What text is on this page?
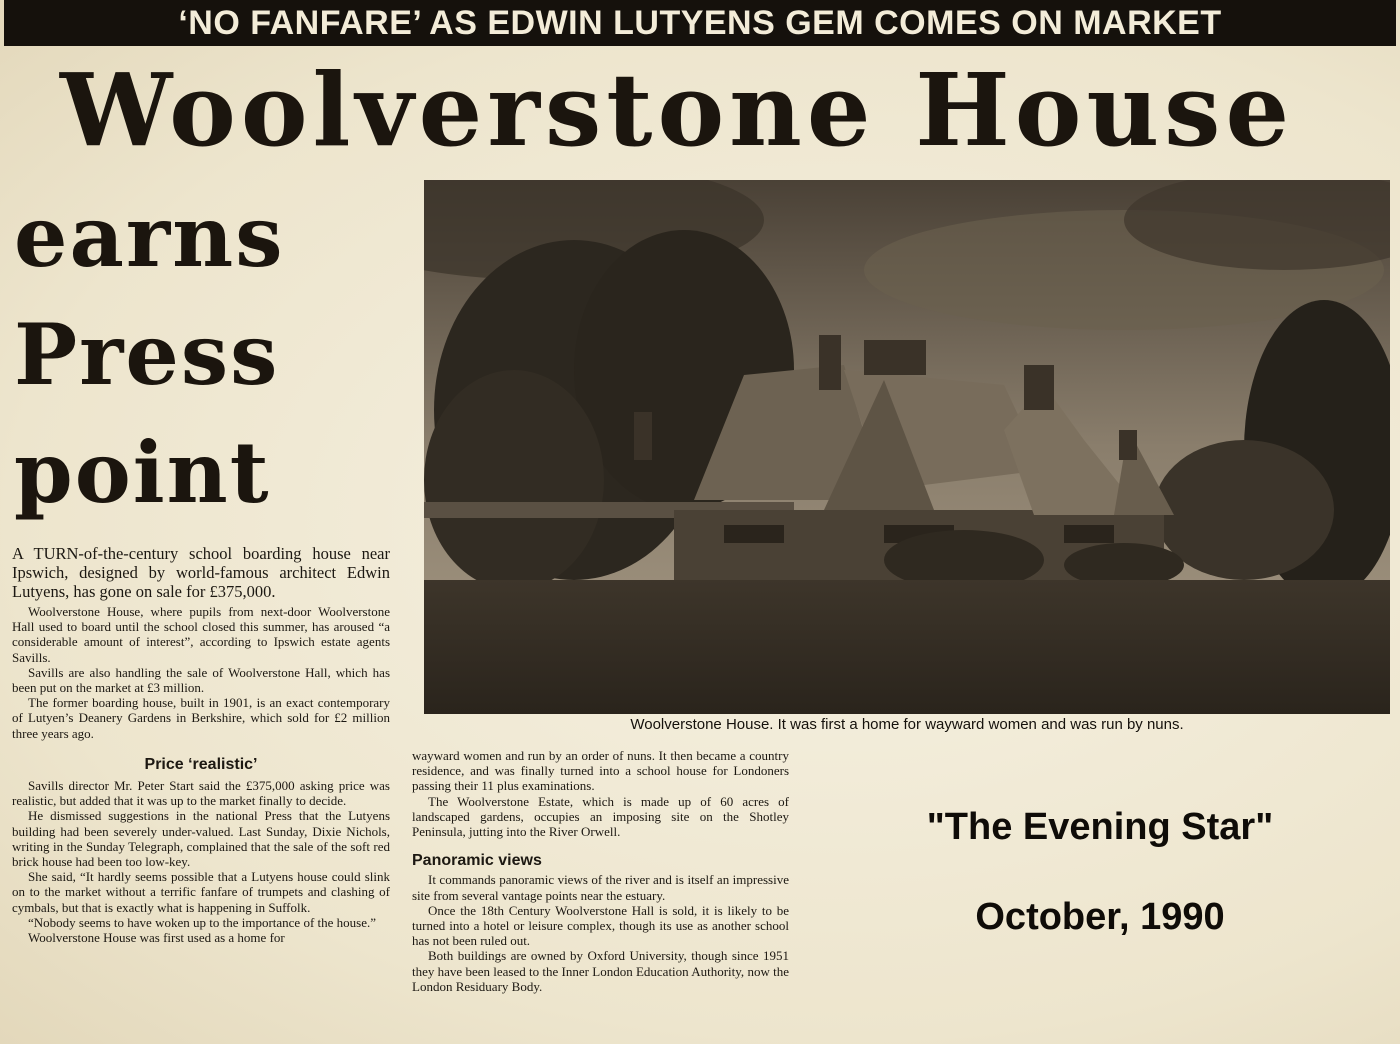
‘NO FANFARE’ AS EDWIN LUTYENS GEM COMES ON MARKET
Woolverstone House
earns
Press
point
Woolverstone House. It was first a home for wayward women and was run by nuns.

A TURN-of-the-century school boarding house near Ipswich, designed by world-famous architect Edwin Lutyens, has gone on sale for £375,000.

Woolverstone House, where pupils from next-door Woolverstone Hall used to board until the school closed this summer, has aroused “a considerable amount of interest”, according to Ipswich estate agents Savills.

Savills are also handling the sale of Woolverstone Hall, which has been put on the market at £3 million.

The former boarding house, built in 1901, is an exact contemporary of Lutyen’s Deanery Gardens in Berkshire, which sold for £2 million three years ago.

Price ‘realistic’

Savills director Mr. Peter Start said the £375,000 asking price was realistic, but added that it was up to the market finally to decide.

He dismissed suggestions in the national Press that the Lutyens building had been severely under-valued. Last Sunday, Dixie Nichols, writing in the Sunday Telegraph, complained that the sale of the soft red brick house had been too low-key.

She said, “It hardly seems possible that a Lutyens house could slink on to the market without a terrific fanfare of trumpets and clashing of cymbals, but that is exactly what is happening in Suffolk.

“Nobody seems to have woken up to the importance of the house.”

Woolverstone House was first used as a home for

wayward women and run by an order of nuns. It then became a country residence, and was finally turned into a school house for Londoners passing their 11 plus examinations.

The Woolverstone Estate, which is made up of 60 acres of landscaped gardens, occupies an imposing site on the Shotley Peninsula, jutting into the River Orwell.

Panoramic views

It commands panoramic views of the river and is itself an impressive site from several vantage points near the estuary.

Once the 18th Century Woolverstone Hall is sold, it is likely to be turned into a hotel or leisure complex, though its use as another school has not been ruled out.

Both buildings are owned by Oxford University, though since 1951 they have been leased to the Inner London Education Authority, now the London Residuary Body.

"The Evening Star"
October, 1990
